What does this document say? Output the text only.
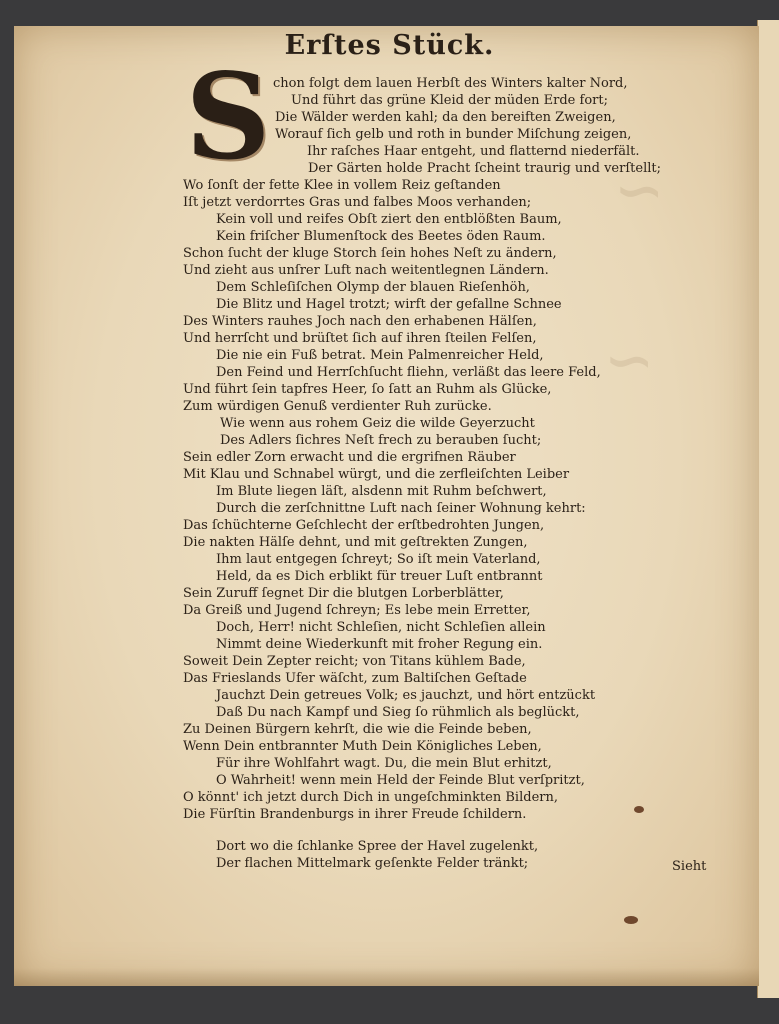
∽
∽
Erſtes Stück.
S chon folgt dem lauen Herbſt des Winters kalter Nord,
Und führt das grüne Kleid der müden Erde fort;
Die Wälder werden kahl; da den bereiften Zweigen,
Worauf ſich gelb und roth in bunder Miſchung zeigen,
Ihr raſches Haar entgeht, und flatternd niederfält.
Der Gärten holde Pracht ſcheint traurig und verſtellt;
Wo ſonſt der fette Klee in vollem Reiz geſtanden
Iſt jetzt verdorrtes Gras und falbes Moos verhanden;
Kein voll und reifes Obſt ziert den entblößten Baum,
Kein friſcher Blumenſtock des Beetes öden Raum.
Schon ſucht der kluge Storch ſein hohes Neſt zu ändern,
Und zieht aus unſrer Luft nach weitentlegnen Ländern.
Dem Schleſiſchen Olymp der blauen Rieſenhöh,
Die Blitz und Hagel trotzt; wirft der gefallne Schnee
Des Winters rauhes Joch nach den erhabenen Hälſen,
Und herrſcht und brüſtet ſich auf ihren ſteilen Felſen,
Die nie ein Fuß betrat. Mein Palmenreicher Held,
Den Feind und Herrſchſucht fliehn, verläßt das leere Feld,
Und führt ſein tapfres Heer, ſo ſatt an Ruhm als Glücke,
Zum würdigen Genuß verdienter Ruh zurücke.
Wie wenn aus rohem Geiz die wilde Geyerzucht
Des Adlers ſichres Neſt frech zu berauben ſucht;
Sein edler Zorn erwacht und die ergrifnen Räuber
Mit Klau und Schnabel würgt, und die zerfleiſchten Leiber
Im Blute liegen läſt, alsdenn mit Ruhm beſchwert,
Durch die zerſchnittne Luft nach ſeiner Wohnung kehrt:
Das ſchüchterne Geſchlecht der erſtbedrohten Jungen,
Die nakten Hälſe dehnt, und mit geſtrekten Zungen,
Ihm laut entgegen ſchreyt; So iſt mein Vaterland,
Held, da es Dich erblikt für treuer Luſt entbrannt
Sein Zuruff ſegnet Dir die blutgen Lorberblätter,
Da Greiß und Jugend ſchreyn; Es lebe mein Erretter,
Doch, Herr! nicht Schleſien, nicht Schleſien allein
Nimmt deine Wiederkunft mit froher Regung ein.
Soweit Dein Zepter reicht; von Titans kühlem Bade,
Das Frieslands Ufer wäſcht, zum Baltiſchen Geſtade
Jauchzt Dein getreues Volk; es jauchzt, und hört entzückt
Daß Du nach Kampf und Sieg ſo rühmlich als beglückt,
Zu Deinen Bürgern kehrſt, die wie die Feinde beben,
Wenn Dein entbrannter Muth Dein Königliches Leben,
Für ihre Wohlfahrt wagt. Du, die mein Blut erhitzt,
O Wahrheit! wenn mein Held der Feinde Blut verſpritzt,
O könnt' ich jetzt durch Dich in ungeſchminkten Bildern,
Die Fürſtin Brandenburgs in ihrer Freude ſchildern.
Dort wo die ſchlanke Spree der Havel zugelenkt,
Der flachen Mittelmark geſenkte Felder tränkt;	Sieht
